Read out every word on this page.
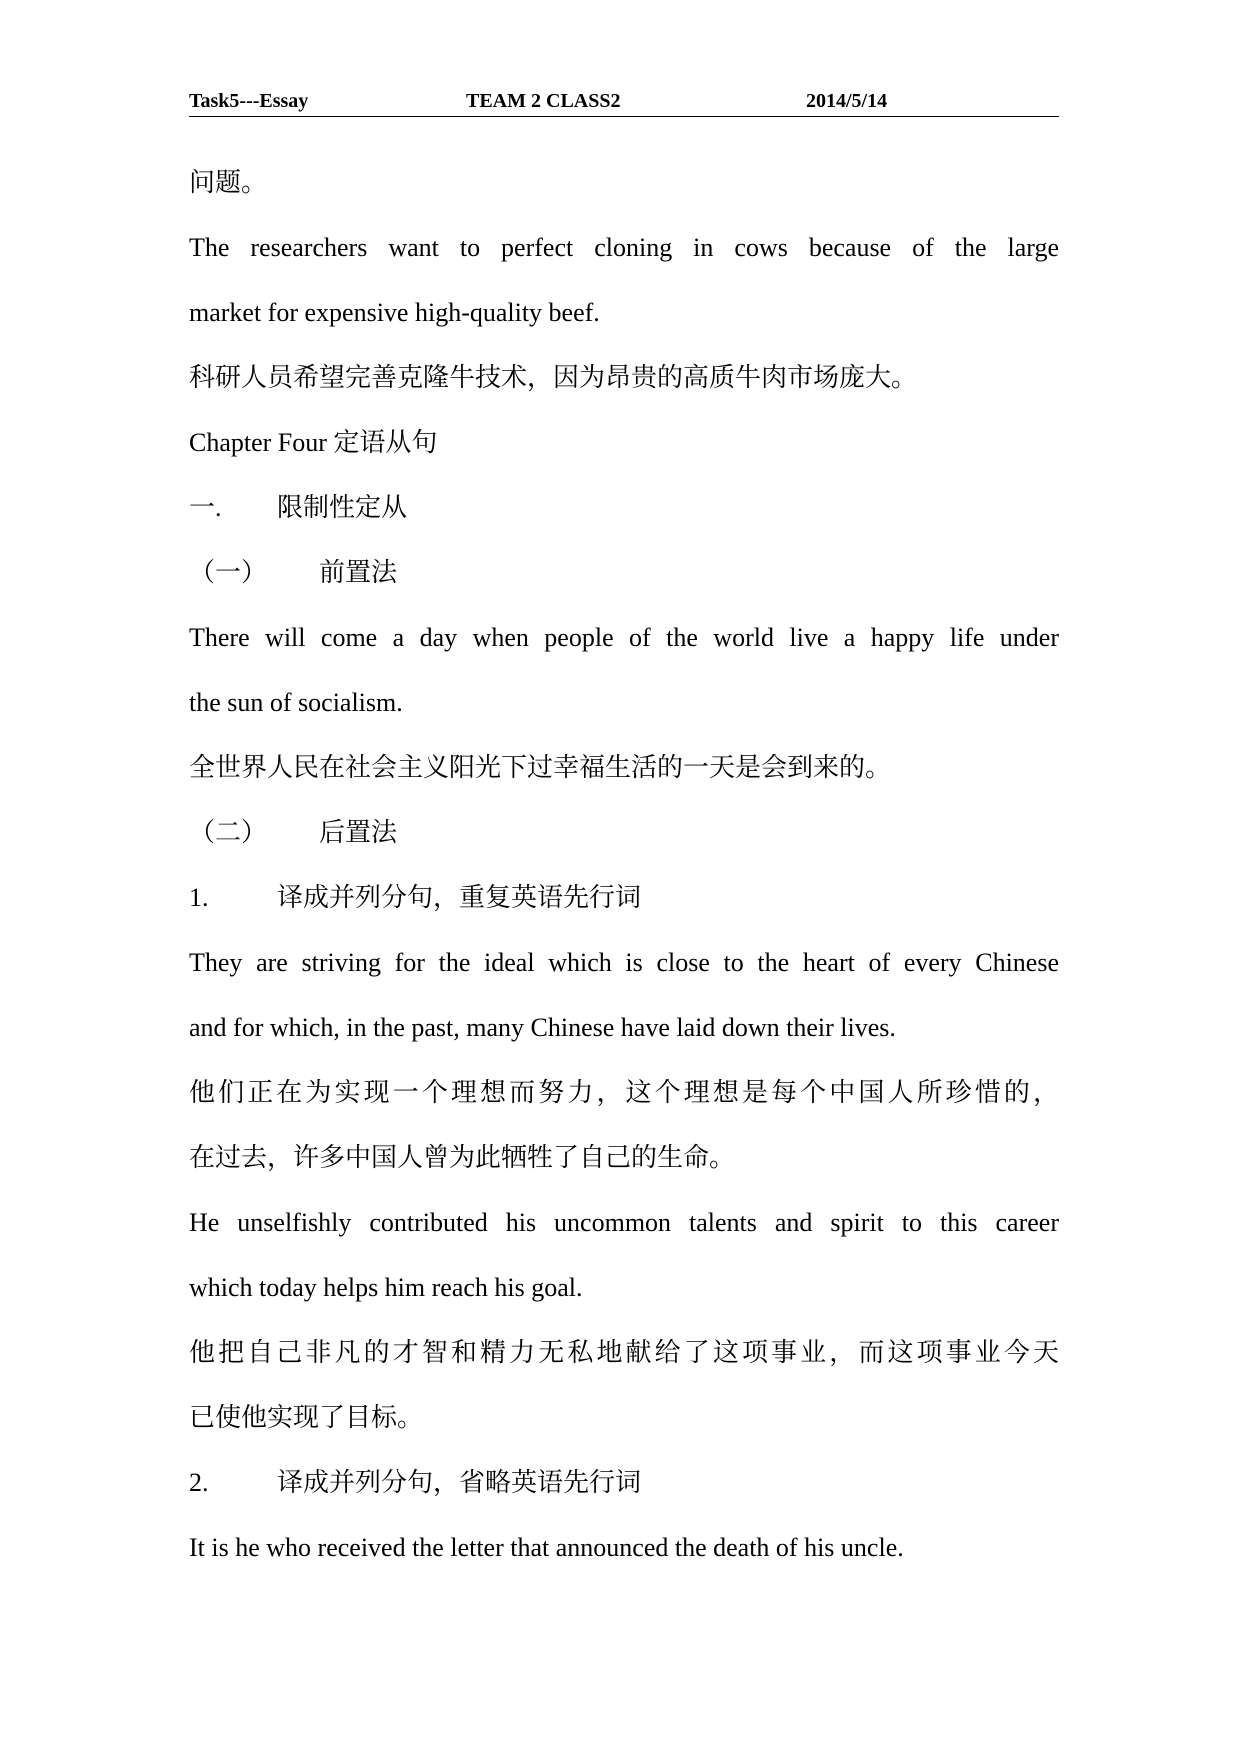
Task5---Essay	TEAM 2 CLASS2	2014/5/14
问题。
The researchers want to perfect cloning in cows because of the large
market for expensive high-quality beef.
科研人员希望完善克隆牛技术，因为昂贵的高质牛肉市场庞大。
Chapter Four 定语从句
一. 限制性定从
（一） 前置法
There will come a day when people of the world live a happy life under
the sun of socialism.
全世界人民在社会主义阳光下过幸福生活的一天是会到来的。
（二） 后置法
1.	译成并列分句，重复英语先行词
They are striving for the ideal which is close to the heart of every Chinese
and for which, in the past, many Chinese have laid down their lives.
他们正在为实现一个理想而努力，这个理想是每个中国人所珍惜的，
在过去，许多中国人曾为此牺牲了自己的生命。
He unselfishly contributed his uncommon talents and spirit to this career
which today helps him reach his goal.
他把自己非凡的才智和精力无私地献给了这项事业，而这项事业今天
已使他实现了目标。
2.	译成并列分句，省略英语先行词
It is he who received the letter that announced the death of his uncle.
